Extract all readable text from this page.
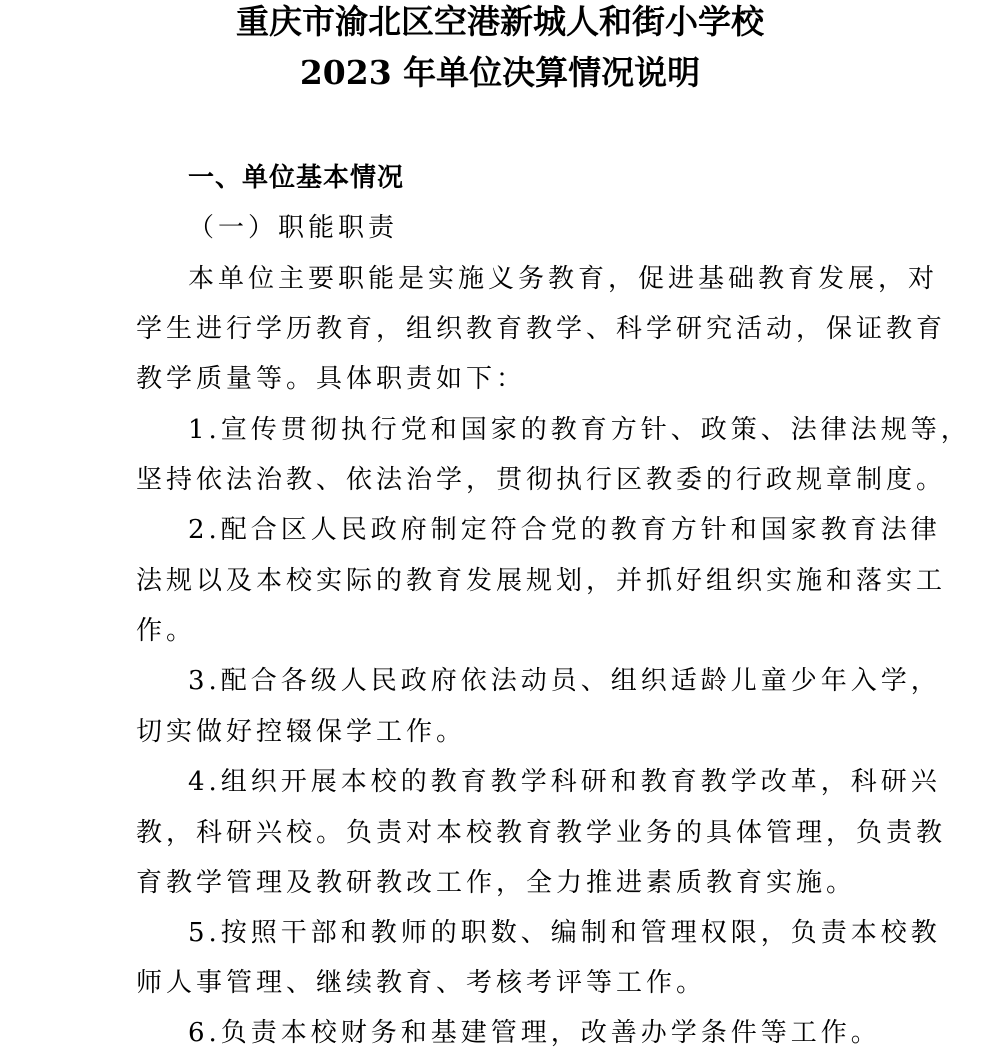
重庆市渝北区空港新城人和街小学校
2023 年单位决算情况说明
一、单位基本情况
（一）职能职责
本单位主要职能是实施义务教育，促进基础教育发展，对
学生进行学历教育，组织教育教学、科学研究活动，保证教育
教学质量等。具体职责如下：
1.宣传贯彻执行党和国家的教育方针、政策、法律法规等，
坚持依法治教、依法治学，贯彻执行区教委的行政规章制度。
2.配合区人民政府制定符合党的教育方针和国家教育法律
法规以及本校实际的教育发展规划，并抓好组织实施和落实工
作。
3.配合各级人民政府依法动员、组织适龄儿童少年入学，
切实做好控辍保学工作。
4.组织开展本校的教育教学科研和教育教学改革，科研兴
教，科研兴校。负责对本校教育教学业务的具体管理，负责教
育教学管理及教研教改工作，全力推进素质教育实施。
5.按照干部和教师的职数、编制和管理权限，负责本校教
师人事管理、继续教育、考核考评等工作。
6.负责本校财务和基建管理，改善办学条件等工作。
